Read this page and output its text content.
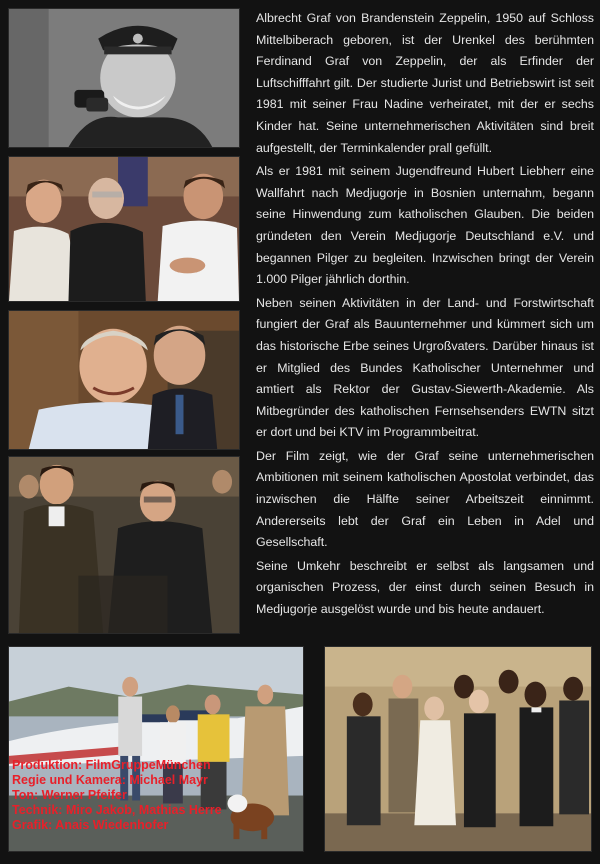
Albrecht Graf von Brandenstein Zeppelin, 1950 auf Schloss Mittelbiberach geboren, ist der Urenkel des berühmten Ferdinand Graf von Zeppelin, der als Erfinder der Luftschifffahrt gilt. Der studierte Jurist und Betriebswirt ist seit 1981 mit seiner Frau Nadine verheiratet, mit der er sechs Kinder hat. Seine unternehmerischen Aktivitäten sind breit aufgestellt, der Terminkalender prall gefüllt.

Als er 1981 mit seinem Jugendfreund Hubert Liebherr eine Wallfahrt nach Medjugorje in Bosnien unternahm, begann seine Hinwendung zum katholischen Glauben. Die beiden gründeten den Verein Medjugorje Deutschland e.V. und begannen Pilger zu begleiten. Inzwischen bringt der Verein 1.000 Pilger jährlich dorthin.

Neben seinen Aktivitäten in der Land- und Forstwirtschaft fungiert der Graf als Bauunternehmer und kümmert sich um das historische Erbe seines Urgroßvaters. Darüber hinaus ist er Mitglied des Bundes Katholischer Unternehmer und amtiert als Rektor der Gustav-Siewerth-Akademie. Als Mitbegründer des katholischen Fernsehsenders EWTN sitzt er dort und bei KTV im Programmbeitrat.

Der Film zeigt, wie der Graf seine unternehmerischen Ambitionen mit seinem katholischen Apostolat verbindet, das inzwischen die Hälfte seiner Arbeitszeit einnimmt. Andererseits lebt der Graf ein Leben in Adel und Gesellschaft.

Seine Umkehr beschreibt er selbst als langsamen und organischen Prozess, der einst durch seinen Besuch in Medjugorje ausgelöst wurde und bis heute andauert.

Produktion: FilmGruppeMünchen
Regie und Kamera: Michael Mayr
Ton: Werner Pfeifer
Technik: Miro Jakob, Mathias Herre
Grafik: Anais Wiedenhofer
